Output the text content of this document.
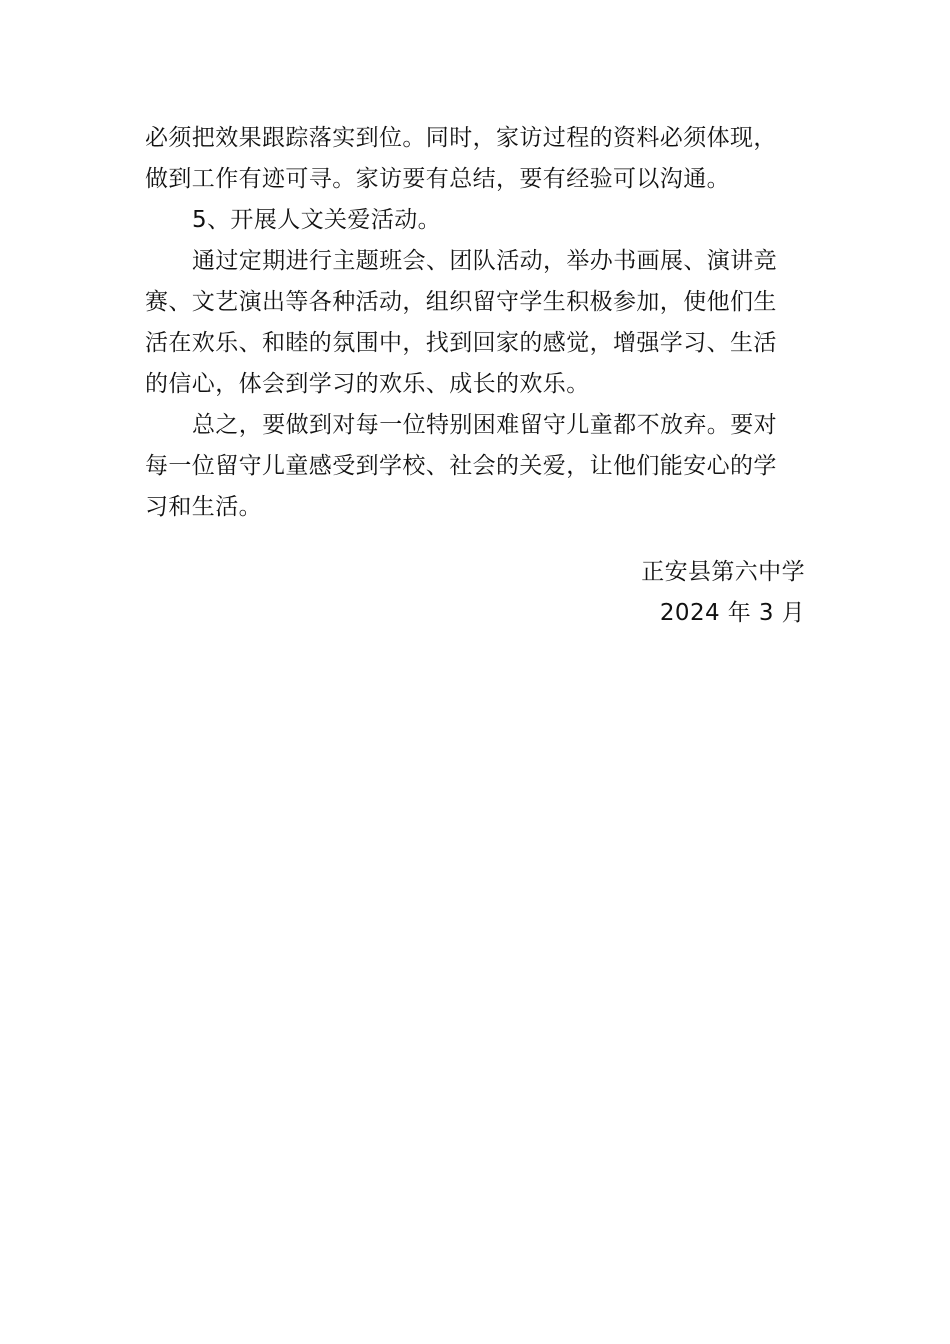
必须把效果跟踪落实到位。同时，家访过程的资料必须体现，
做到工作有迹可寻。家访要有总结，要有经验可以沟通。

5、开展人文关爱活动。

通过定期进行主题班会、团队活动，举办书画展、演讲竞
赛、文艺演出等各种活动，组织留守学生积极参加，使他们生
活在欢乐、和睦的氛围中，找到回家的感觉，增强学习、生活
的信心，体会到学习的欢乐、成长的欢乐。

总之，要做到对每一位特别困难留守儿童都不放弃。要对
每一位留守儿童感受到学校、社会的关爱，让他们能安心的学
习和生活。

正安县第六中学
2024 年 3 月
